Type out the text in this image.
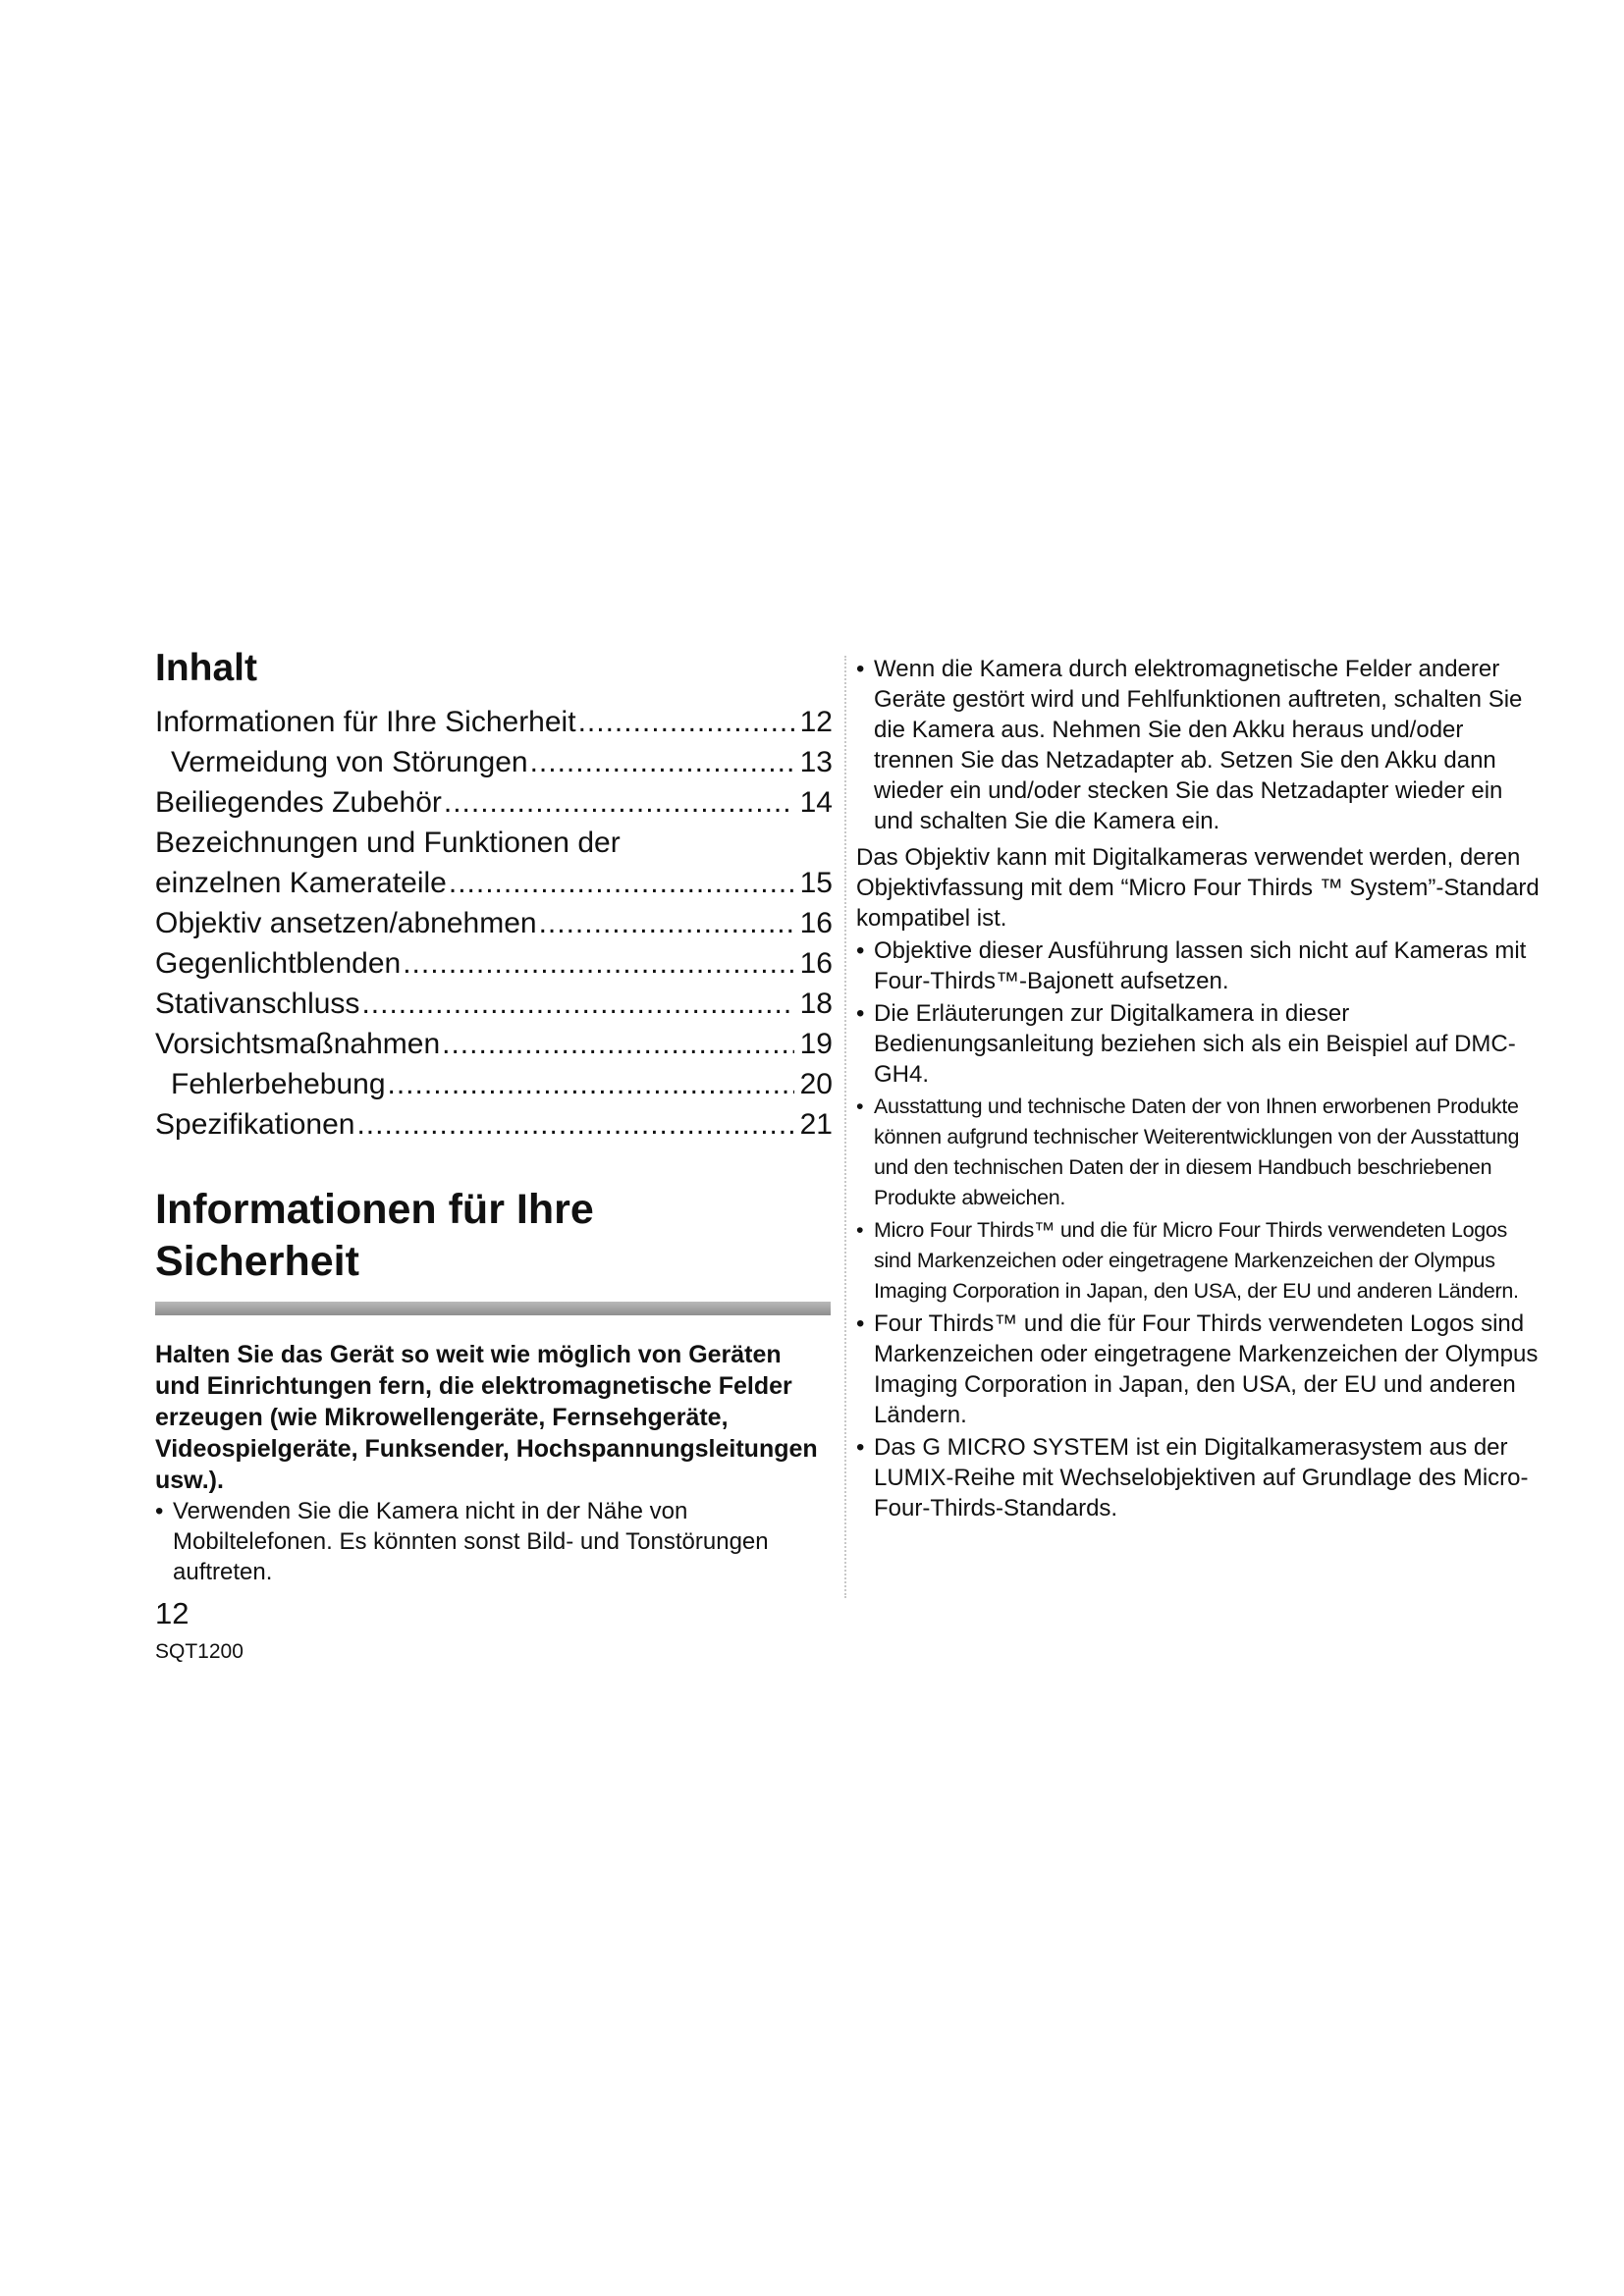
Inhalt
Informationen für Ihre Sicherheit .....	12
Vermeidung von Störungen .....	13
Beiliegendes Zubehör .....	14
Bezeichnungen und Funktionen der
einzelnen Kamerateile .....	15
Objektiv ansetzen/abnehmen .....	16
Gegenlichtblenden .....	16
Stativanschluss .....	18
Vorsichtsmaßnahmen .....	19
Fehlerbehebung .....	20
Spezifikationen .....	21
Informationen für Ihre
Sicherheit

Halten Sie das Gerät so weit wie möglich von Geräten und Einrichtungen fern, die elektromagnetische Felder erzeugen (wie Mikrowellengeräte, Fernsehgeräte, Videospielgeräte, Funksender, Hochspannungsleitungen usw.).

• Verwenden Sie die Kamera nicht in der Nähe von Mobiltelefonen. Es könnten sonst Bild- und Tonstörungen auftreten.

• Wenn die Kamera durch elektromagnetische Felder anderer Geräte gestört wird und Fehlfunktionen auftreten, schalten Sie die Kamera aus. Nehmen Sie den Akku heraus und/oder trennen Sie das Netzadapter ab. Setzen Sie den Akku dann wieder ein und/oder stecken Sie das Netzadapter wieder ein und schalten Sie die Kamera ein.

Das Objektiv kann mit Digitalkameras verwendet werden, deren Objektivfassung mit dem “Micro Four Thirds ™ System”-Standard kompatibel ist.

• Objektive dieser Ausführung lassen sich nicht auf Kameras mit Four-Thirds™-Bajonett aufsetzen.

• Die Erläuterungen zur Digitalkamera in dieser Bedienungsanleitung beziehen sich als ein Beispiel auf DMC-GH4.

• Ausstattung und technische Daten der von Ihnen erworbenen Produkte können aufgrund technischer Weiterentwicklungen von der Ausstattung und den technischen Daten der in diesem Handbuch beschriebenen Produkte abweichen.

• Micro Four Thirds™ und die für Micro Four Thirds verwendeten Logos sind Markenzeichen oder eingetragene Markenzeichen der Olympus Imaging Corporation in Japan, den USA, der EU und anderen Ländern.

• Four Thirds™ und die für Four Thirds verwendeten Logos sind Markenzeichen oder eingetragene Markenzeichen der Olympus Imaging Corporation in Japan, den USA, der EU und anderen Ländern.

• Das G MICRO SYSTEM ist ein Digitalkamerasystem aus der LUMIX-Reihe mit Wechselobjektiven auf Grundlage des Micro-Four-Thirds-Standards.

12
SQT1200
